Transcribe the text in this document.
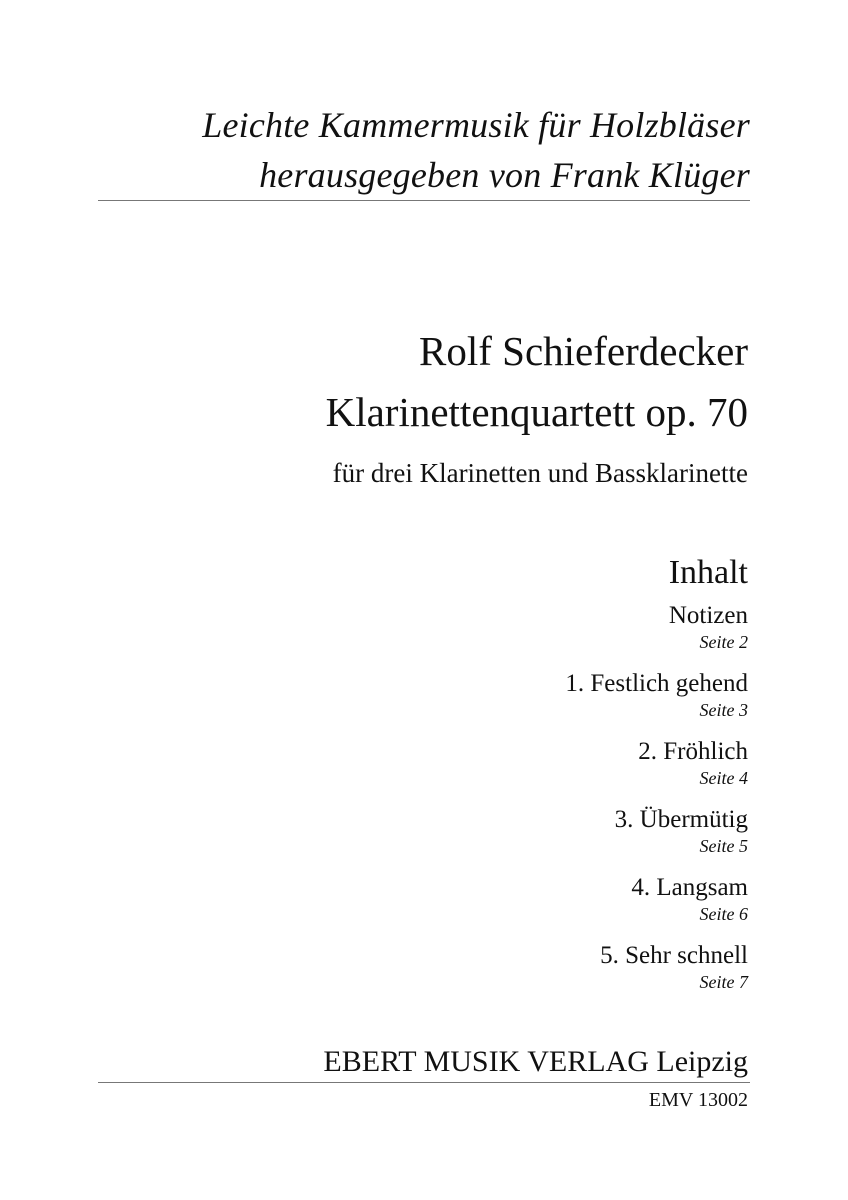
Leichte Kammermusik für Holzbläser
herausgegeben von Frank Klüger
Rolf Schieferdecker
Klarinettenquartett op. 70
für drei Klarinetten und Bassklarinette
Inhalt
Notizen
Seite 2
1. Festlich gehend
Seite 3
2. Fröhlich
Seite 4
3. Übermütig
Seite 5
4. Langsam
Seite 6
5. Sehr schnell
Seite 7
EBERT MUSIK VERLAG Leipzig
EMV 13002
